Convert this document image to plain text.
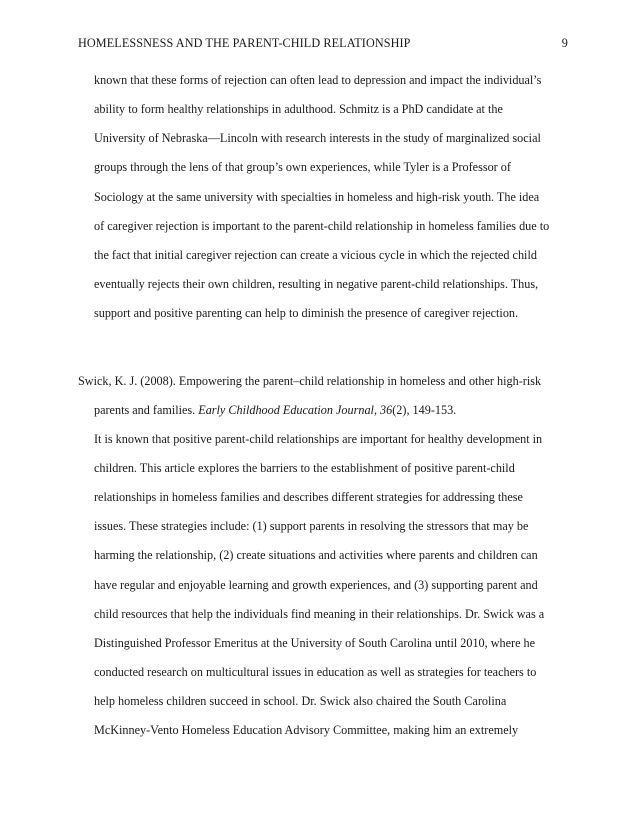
HOMELESSNESS AND THE PARENT-CHILD RELATIONSHIP	9
known that these forms of rejection can often lead to depression and impact the individual’s
ability to form healthy relationships in adulthood. Schmitz is a PhD candidate at the
University of Nebraska—Lincoln with research interests in the study of marginalized social
groups through the lens of that group’s own experiences, while Tyler is a Professor of
Sociology at the same university with specialties in homeless and high-risk youth. The idea
of caregiver rejection is important to the parent-child relationship in homeless families due to
the fact that initial caregiver rejection can create a vicious cycle in which the rejected child
eventually rejects their own children, resulting in negative parent-child relationships. Thus,
support and positive parenting can help to diminish the presence of caregiver rejection.
Swick, K. J. (2008). Empowering the parent–child relationship in homeless and other high-risk
parents and families. Early Childhood Education Journal, 36(2), 149-153.
It is known that positive parent-child relationships are important for healthy development in
children. This article explores the barriers to the establishment of positive parent-child
relationships in homeless families and describes different strategies for addressing these
issues. These strategies include: (1) support parents in resolving the stressors that may be
harming the relationship, (2) create situations and activities where parents and children can
have regular and enjoyable learning and growth experiences, and (3) supporting parent and
child resources that help the individuals find meaning in their relationships. Dr. Swick was a
Distinguished Professor Emeritus at the University of South Carolina until 2010, where he
conducted research on multicultural issues in education as well as strategies for teachers to
help homeless children succeed in school. Dr. Swick also chaired the South Carolina
McKinney-Vento Homeless Education Advisory Committee, making him an extremely
